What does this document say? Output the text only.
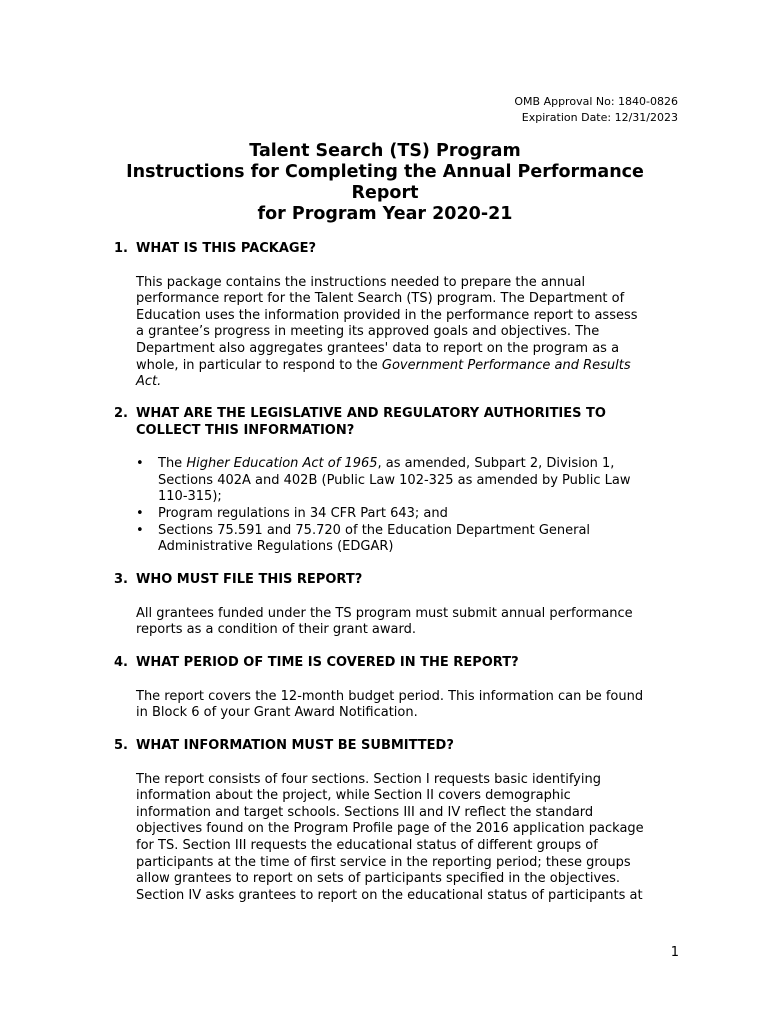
OMB Approval No: 1840-0826
Expiration Date: 12/31/2023
Talent Search (TS) Program
Instructions for Completing the Annual Performance
Report
for Program Year 2020-21
1. WHAT IS THIS PACKAGE?
This package contains the instructions needed to prepare the annual
performance report for the Talent Search (TS) program. The Department of
Education uses the information provided in the performance report to assess
a grantee’s progress in meeting its approved goals and objectives. The
Department also aggregates grantees' data to report on the program as a
whole, in particular to respond to the Government Performance and Results
Act.
2. WHAT ARE THE LEGISLATIVE AND REGULATORY AUTHORITIES TO
COLLECT THIS INFORMATION?
• The Higher Education Act of 1965, as amended, Subpart 2, Division 1,
Sections 402A and 402B (Public Law 102-325 as amended by Public Law
110-315);
• Program regulations in 34 CFR Part 643; and
• Sections 75.591 and 75.720 of the Education Department General
Administrative Regulations (EDGAR)
3. WHO MUST FILE THIS REPORT?
All grantees funded under the TS program must submit annual performance
reports as a condition of their grant award.
4. WHAT PERIOD OF TIME IS COVERED IN THE REPORT?
The report covers the 12-month budget period. This information can be found
in Block 6 of your Grant Award Notification.
5. WHAT INFORMATION MUST BE SUBMITTED?
The report consists of four sections. Section I requests basic identifying
information about the project, while Section II covers demographic
information and target schools. Sections III and IV reflect the standard
objectives found on the Program Profile page of the 2016 application package
for TS. Section III requests the educational status of different groups of
participants at the time of first service in the reporting period; these groups
allow grantees to report on sets of participants specified in the objectives.
Section IV asks grantees to report on the educational status of participants at
1
